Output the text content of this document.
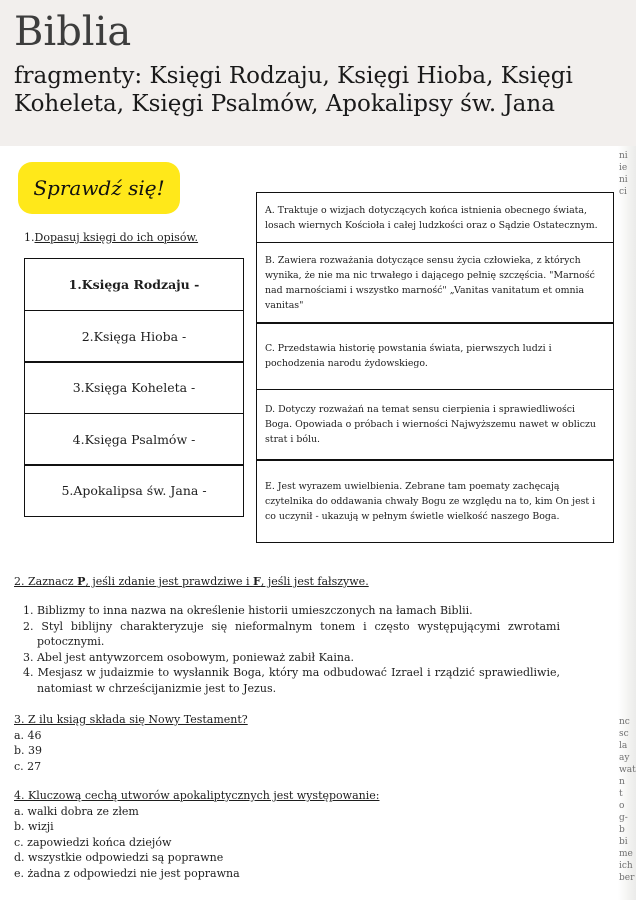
Biblia
fragmenty: Księgi Rodzaju, Księgi Hioba, Księgi Koheleta, Księgi Psalmów, Apokalipsy św. Jana
Sprawdź się!
1.Dopasuj księgi do ich opisów.
1.Księga Rodzaju -
2.Księga Hioba -
3.Księga Koheleta -
4.Księga Psalmów -
5.Apokalipsa św. Jana -
A. Traktuje o wizjach dotyczących końca istnienia obecnego świata, losach wiernych Kościoła i całej ludzkości oraz o Sądzie Ostatecznym.
B. Zawiera rozważania dotyczące sensu życia człowieka, z których wynika, że nie ma nic trwałego i dającego pełnię szczęścia. "Marność nad marnościami i wszystko marność" „Vanitas vanitatum et omnia vanitas"
C. Przedstawia historię powstania świata, pierwszych ludzi i pochodzenia narodu żydowskiego.
D. Dotyczy rozważań na temat sensu cierpienia i sprawiedliwości Boga. Opowiada o próbach i wierności Najwyższemu nawet w obliczu strat i bólu.
E. Jest wyrazem uwielbienia. Zebrane tam poematy zachęcają czytelnika do oddawania chwały Bogu ze względu na to, kim On jest i co uczynił - ukazują w pełnym świetle wielkość naszego Boga.
2. Zaznacz P, jeśli zdanie jest prawdziwe i F, jeśli jest fałszywe.
1. Biblizmy to inna nazwa na określenie historii umieszczonych na łamach Biblii.
2. Styl biblijny charakteryzuje się nieformalnym tonem i często występującymi zwrotami potocznymi.
3. Abel jest antywzorcem osobowym, ponieważ zabił Kaina.
4. Mesjasz w judaizmie to wysłannik Boga, który ma odbudować Izrael i rządzić sprawiedliwie, natomiast w chrześcijanizmie jest to Jezus.
3. Z ilu ksiąg składa się Nowy Testament?
a. 46
b. 39
c. 27
4. Kluczową cechą utworów apokaliptycznych jest występowanie:
a. walki dobra ze złem
b. wizji
c. zapowiedzi końca dziejów
d. wszystkie odpowiedzi są poprawne
e. żadna z odpowiedzi nie jest poprawna
ni
ie
ni
ci
nc
sc
la
ay
wat
n
t
o
g-
b
bi
me
ich
ber
